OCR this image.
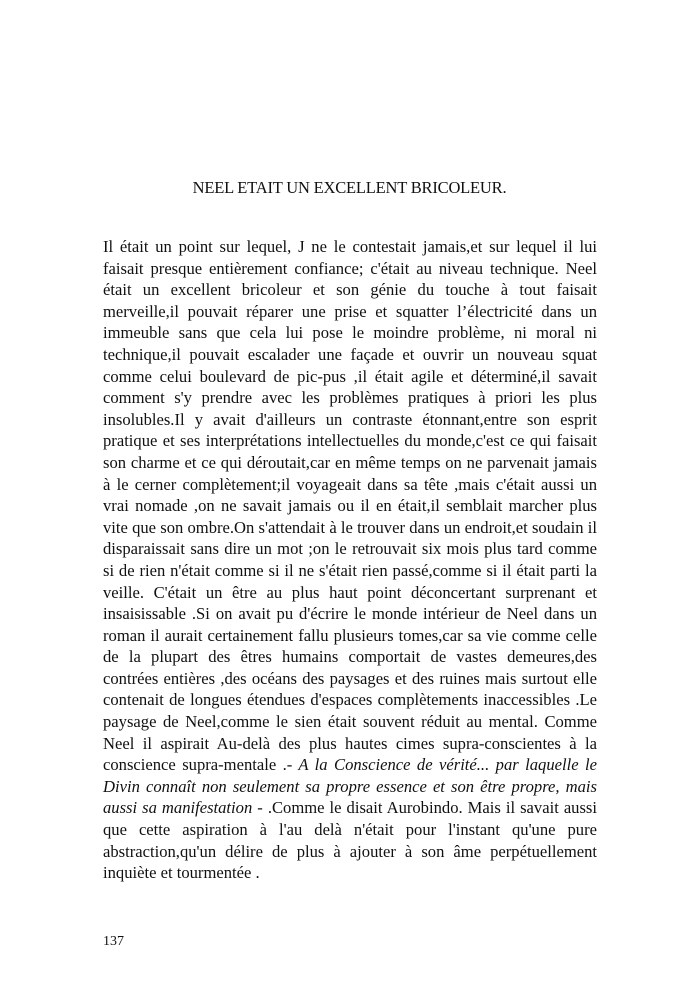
NEEL ETAIT UN EXCELLENT BRICOLEUR.

Il était un point sur lequel, J ne le contestait jamais,et sur lequel il lui faisait presque entièrement confiance; c'était au niveau technique. Neel était un excellent bricoleur et son génie du touche à tout faisait merveille,il pouvait réparer une prise et squatter l’électricité dans un immeuble sans que cela lui pose le moindre problème, ni moral ni technique,il pouvait escalader une façade et ouvrir un nouveau squat comme celui boulevard de pic-pus ,il était agile et déterminé,il savait comment s'y prendre avec les problèmes pratiques à priori les plus insolubles.Il y avait d'ailleurs un contraste étonnant,entre son esprit pratique et ses interprétations intellectuelles du monde,c'est ce qui faisait son charme et ce qui déroutait,car en même temps on ne parvenait jamais à le cerner complètement;il voyageait dans sa tête ,mais c'était aussi un vrai nomade ,on ne savait jamais ou il en était,il semblait marcher plus vite que son ombre.On s'attendait à le trouver dans un endroit,et soudain il disparaissait sans dire un mot ;on le retrouvait six mois plus tard comme si de rien n'était comme si il ne s'était rien passé,comme si il était parti la veille. C'était un être au plus haut point déconcertant surprenant et insaisissable .Si on avait pu d'écrire le monde intérieur de Neel dans un roman il aurait certainement fallu plusieurs tomes,car sa vie comme celle de la plupart des êtres humains comportait de vastes demeures,des contrées entières ,des océans des paysages et des ruines mais surtout elle contenait de longues étendues d'espaces complètements inaccessibles .Le paysage de Neel,comme le sien était souvent réduit au mental. Comme Neel il aspirait Au-delà des plus hautes cimes supra-conscientes à la conscience supra-mentale .- A la Conscience de vérité... par laquelle le Divin connaît non seulement sa propre essence et son être propre, mais aussi sa manifestation - .Comme le disait Aurobindo. Mais il savait aussi que cette aspiration à l'au delà n'était pour l'instant qu'une pure abstraction,qu'un délire de plus à ajouter à son âme perpétuellement inquiète et tourmentée .

137
